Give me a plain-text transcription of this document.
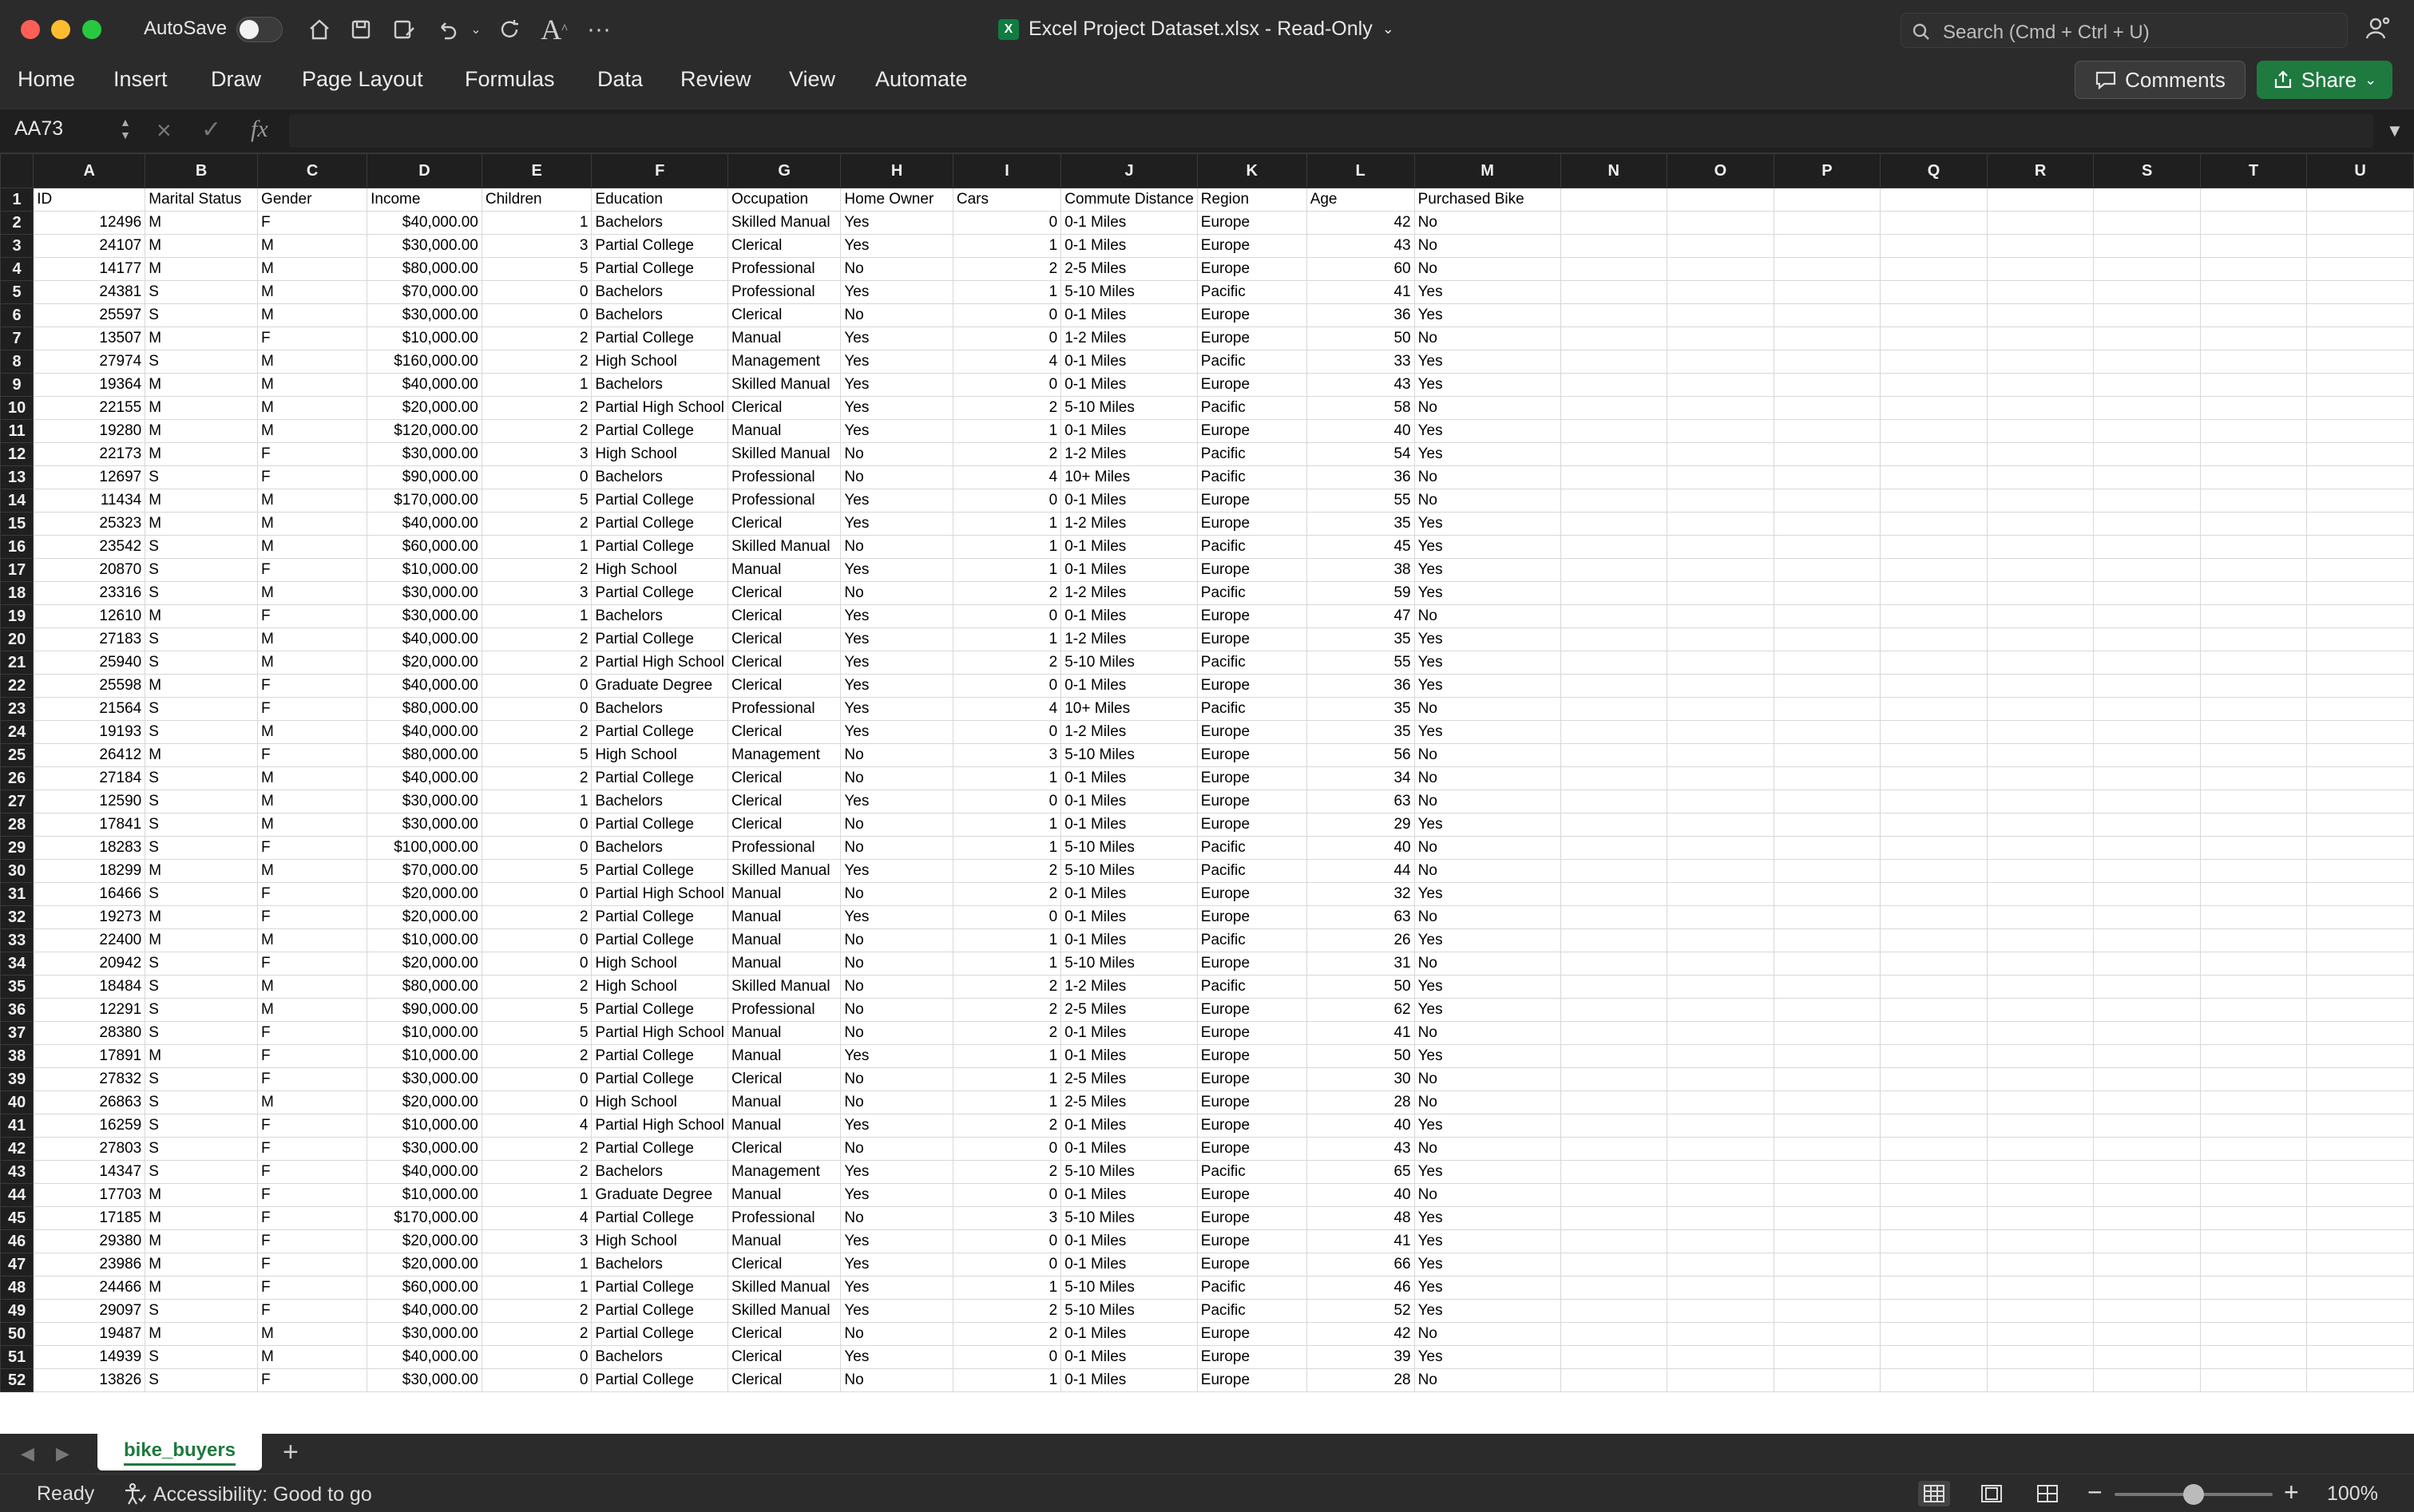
AutoSave	⌄ A ^ ···	X Excel Project Dataset.xlsx - Read-Only ⌄	Search (Cmd + Ctrl + U)
Home Insert Draw Page Layout Formulas Data Review View Automate	Comments	Share ⌄
AA73	▲
▼ × ✓ fx	▼
	A	B	C	D	E	F	G	H	I	J	K	L	M	N	O	P	Q	R	S	T	U
1	ID	Marital Status	Gender	Income	Children	Education	Occupation	Home Owner	Cars	Commute Distance	Region	Age	Purchased Bike								
2	12496	M	F	$40,000.00	1	Bachelors	Skilled Manual	Yes	0	0-1 Miles	Europe	42	No								
3	24107	M	M	$30,000.00	3	Partial College	Clerical	Yes	1	0-1 Miles	Europe	43	No								
4	14177	M	M	$80,000.00	5	Partial College	Professional	No	2	2-5 Miles	Europe	60	No								
5	24381	S	M	$70,000.00	0	Bachelors	Professional	Yes	1	5-10 Miles	Pacific	41	Yes								
6	25597	S	M	$30,000.00	0	Bachelors	Clerical	No	0	0-1 Miles	Europe	36	Yes								
7	13507	M	F	$10,000.00	2	Partial College	Manual	Yes	0	1-2 Miles	Europe	50	No								
8	27974	S	M	$160,000.00	2	High School	Management	Yes	4	0-1 Miles	Pacific	33	Yes								
9	19364	M	M	$40,000.00	1	Bachelors	Skilled Manual	Yes	0	0-1 Miles	Europe	43	Yes								
10	22155	M	M	$20,000.00	2	Partial High School	Clerical	Yes	2	5-10 Miles	Pacific	58	No								
11	19280	M	M	$120,000.00	2	Partial College	Manual	Yes	1	0-1 Miles	Europe	40	Yes								
12	22173	M	F	$30,000.00	3	High School	Skilled Manual	No	2	1-2 Miles	Pacific	54	Yes								
13	12697	S	F	$90,000.00	0	Bachelors	Professional	No	4	10+ Miles	Pacific	36	No								
14	11434	M	M	$170,000.00	5	Partial College	Professional	Yes	0	0-1 Miles	Europe	55	No								
15	25323	M	M	$40,000.00	2	Partial College	Clerical	Yes	1	1-2 Miles	Europe	35	Yes								
16	23542	S	M	$60,000.00	1	Partial College	Skilled Manual	No	1	0-1 Miles	Pacific	45	Yes								
17	20870	S	F	$10,000.00	2	High School	Manual	Yes	1	0-1 Miles	Europe	38	Yes								
18	23316	S	M	$30,000.00	3	Partial College	Clerical	No	2	1-2 Miles	Pacific	59	Yes								
19	12610	M	F	$30,000.00	1	Bachelors	Clerical	Yes	0	0-1 Miles	Europe	47	No								
20	27183	S	M	$40,000.00	2	Partial College	Clerical	Yes	1	1-2 Miles	Europe	35	Yes								
21	25940	S	M	$20,000.00	2	Partial High School	Clerical	Yes	2	5-10 Miles	Pacific	55	Yes								
22	25598	M	F	$40,000.00	0	Graduate Degree	Clerical	Yes	0	0-1 Miles	Europe	36	Yes								
23	21564	S	F	$80,000.00	0	Bachelors	Professional	Yes	4	10+ Miles	Pacific	35	No								
24	19193	S	M	$40,000.00	2	Partial College	Clerical	Yes	0	1-2 Miles	Europe	35	Yes								
25	26412	M	F	$80,000.00	5	High School	Management	No	3	5-10 Miles	Europe	56	No								
26	27184	S	M	$40,000.00	2	Partial College	Clerical	No	1	0-1 Miles	Europe	34	No								
27	12590	S	M	$30,000.00	1	Bachelors	Clerical	Yes	0	0-1 Miles	Europe	63	No								
28	17841	S	M	$30,000.00	0	Partial College	Clerical	No	1	0-1 Miles	Europe	29	Yes								
29	18283	S	F	$100,000.00	0	Bachelors	Professional	No	1	5-10 Miles	Pacific	40	No								
30	18299	M	M	$70,000.00	5	Partial College	Skilled Manual	Yes	2	5-10 Miles	Pacific	44	No								
31	16466	S	F	$20,000.00	0	Partial High School	Manual	No	2	0-1 Miles	Europe	32	Yes								
32	19273	M	F	$20,000.00	2	Partial College	Manual	Yes	0	0-1 Miles	Europe	63	No								
33	22400	M	M	$10,000.00	0	Partial College	Manual	No	1	0-1 Miles	Pacific	26	Yes								
34	20942	S	F	$20,000.00	0	High School	Manual	No	1	5-10 Miles	Europe	31	No								
35	18484	S	M	$80,000.00	2	High School	Skilled Manual	No	2	1-2 Miles	Pacific	50	Yes								
36	12291	S	M	$90,000.00	5	Partial College	Professional	No	2	2-5 Miles	Europe	62	Yes								
37	28380	S	F	$10,000.00	5	Partial High School	Manual	No	2	0-1 Miles	Europe	41	No								
38	17891	M	F	$10,000.00	2	Partial College	Manual	Yes	1	0-1 Miles	Europe	50	Yes								
39	27832	S	F	$30,000.00	0	Partial College	Clerical	No	1	2-5 Miles	Europe	30	No								
40	26863	S	M	$20,000.00	0	High School	Manual	No	1	2-5 Miles	Europe	28	No								
41	16259	S	F	$10,000.00	4	Partial High School	Manual	Yes	2	0-1 Miles	Europe	40	Yes								
42	27803	S	F	$30,000.00	2	Partial College	Clerical	No	0	0-1 Miles	Europe	43	No								
43	14347	S	F	$40,000.00	2	Bachelors	Management	Yes	2	5-10 Miles	Pacific	65	Yes								
44	17703	M	F	$10,000.00	1	Graduate Degree	Manual	Yes	0	0-1 Miles	Europe	40	No								
45	17185	M	F	$170,000.00	4	Partial College	Professional	No	3	5-10 Miles	Europe	48	Yes								
46	29380	M	F	$20,000.00	3	High School	Manual	Yes	0	0-1 Miles	Europe	41	Yes								
47	23986	M	F	$20,000.00	1	Bachelors	Clerical	Yes	0	0-1 Miles	Europe	66	Yes								
48	24466	M	F	$60,000.00	1	Partial College	Skilled Manual	Yes	1	5-10 Miles	Pacific	46	Yes								
49	29097	S	F	$40,000.00	2	Partial College	Skilled Manual	Yes	2	5-10 Miles	Pacific	52	Yes								
50	19487	M	M	$30,000.00	2	Partial College	Clerical	No	2	0-1 Miles	Europe	42	No								
51	14939	S	M	$40,000.00	0	Bachelors	Clerical	Yes	0	0-1 Miles	Europe	39	Yes								
52	13826	S	F	$30,000.00	0	Partial College	Clerical	No	1	0-1 Miles	Europe	28	No								
◀ ▶	bike_buyers +
Ready	Accessibility: Good to go	−	+ 100%
